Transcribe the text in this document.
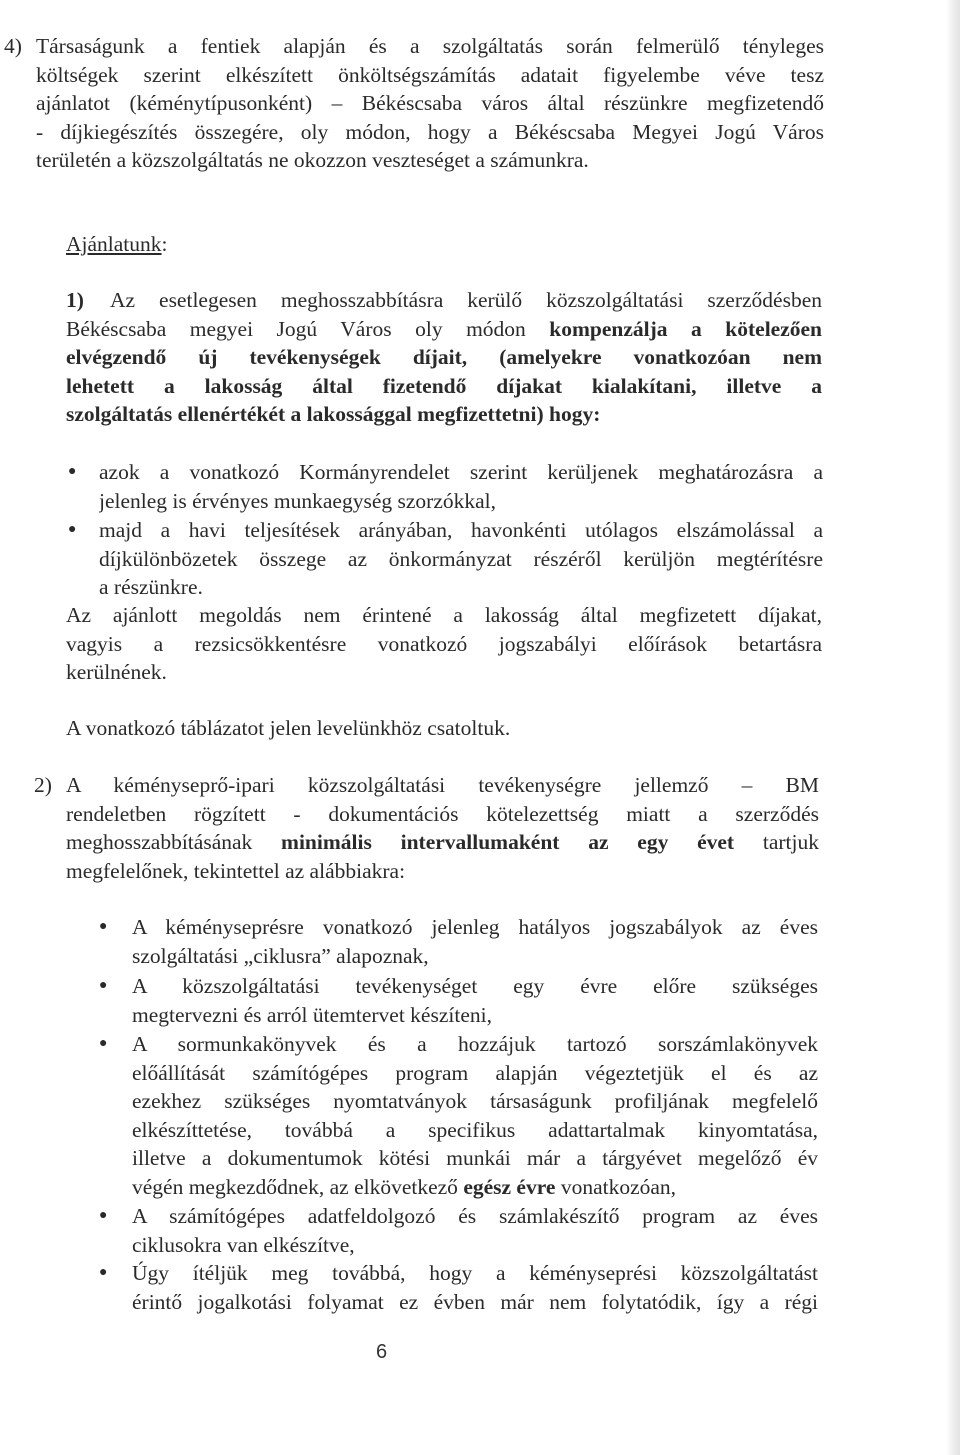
4) Társaságunk a fentiek alapján és a szolgáltatás során felmerülő tényleges
költségek szerint elkészített önköltségszámítás adatait figyelembe véve tesz
ajánlatot (kéménytípusonként) – Békéscsaba város által részünkre megfizetendő
- díjkiegészítés összegére, oly módon, hogy a Békéscsaba Megyei Jogú Város
területén a közszolgáltatás ne okozzon veszteséget a számunkra.
Ajánlatunk:
1)	Az esetlegesen meghosszabbításra kerülő közszolgáltatási szerződésben
Békéscsaba megyei Jogú Város oly módon kompenzálja a kötelezően
elvégzendő új tevékenységek díjait, (amelyekre vonatkozóan nem
lehetett a lakosság által fizetendő díjakat kialakítani, illetve a
szolgáltatás ellenértékét a lakossággal megfizettetni) hogy:
● azok a vonatkozó Kormányrendelet szerint kerüljenek meghatározásra a
jelenleg is érvényes munkaegység szorzókkal,
● majd a havi teljesítések arányában, havonkénti utólagos elszámolással a
díjkülönbözetek összege az önkormányzat részéről kerüljön megtérítésre
a részünkre.
Az ajánlott megoldás nem érintené a lakosság által megfizetett díjakat,
vagyis a rezsicsökkentésre vonatkozó jogszabályi előírások betartásra
kerülnének.
A vonatkozó táblázatot jelen levelünkhöz csatoltuk.
2) A kéményseprő-ipari közszolgáltatási tevékenységre jellemző – BM
rendeletben rögzített - dokumentációs kötelezettség miatt a szerződés
meghosszabbításának minimális intervallumaként az egy évet tartjuk
megfelelőnek, tekintettel az alábbiakra:
● A kéményseprésre vonatkozó jelenleg hatályos jogszabályok az éves
szolgáltatási „ciklusra” alapoznak,
● A közszolgáltatási tevékenységet egy évre előre szükséges
megtervezni és arról ütemtervet készíteni,
● A sormunkakönyvek és a hozzájuk tartozó sorszámlakönyvek
előállítását számítógépes program alapján végeztetjük el és az
ezekhez szükséges nyomtatványok társaságunk profiljának megfelelő
elkészíttetése, továbbá a specifikus adattartalmak kinyomtatása,
illetve a dokumentumok kötési munkái már a tárgyévet megelőző év
végén megkezdődnek, az elkövetkező egész évre vonatkozóan,
● A számítógépes adatfeldolgozó és számlakészítő program az éves
ciklusokra van elkészítve,
● Úgy ítéljük meg továbbá, hogy a kéményseprési közszolgáltatást
érintő jogalkotási folyamat ez évben már nem folytatódik, így a régi
6
